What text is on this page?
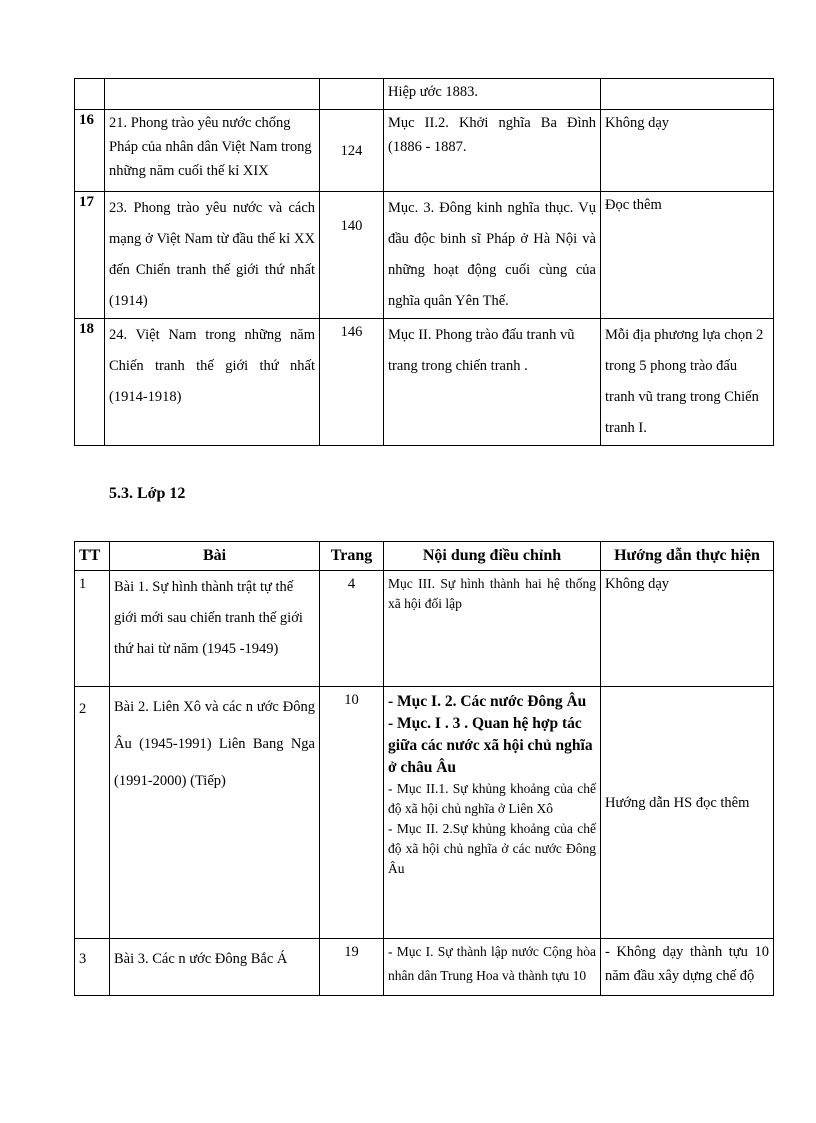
			Hiệp ước 1883.	
16	21. Phong trào yêu nước chống Pháp của nhân dân Việt Nam trong những năm cuối thế kỉ XIX	124	Mục II.2. Khởi nghĩa Ba Đình (1886 - 1887.	Không dạy
17	23. Phong trào yêu nước và cách mạng ở Việt Nam từ đầu thế kỉ XX đến Chiến tranh thế giới thứ nhất (1914)	140	Mục. 3. Đông kinh nghĩa thục. Vụ đầu độc binh sĩ Pháp ở Hà Nội và những hoạt động cuối cùng của nghĩa quân Yên Thế.	Đọc thêm
18	24. Việt Nam trong những năm Chiến tranh thế giới thứ nhất (1914-1918)	146	Mục II. Phong trào đấu tranh vũ trang trong chiến tranh .	Mỗi địa phương lựa chọn 2 trong 5 phong trào đấu tranh vũ trang trong Chiến tranh I.
5.3. Lớp 12
TT	Bài	Trang	Nội dung điều chỉnh	Hướng dẫn thực hiện
1	Bài 1. Sự hình thành trật tự thế giới mới sau chiến tranh thế giới thứ hai từ năm (1945 -1949)	4	Mục III. Sự hình thành hai hệ thống xã hội đối lập	Không dạy
2	Bài 2. Liên Xô và các n ước Đông Âu (1945-1991) Liên Bang Nga (1991-2000) (Tiếp)	10	- Mục I. 2. Các nước Đông Âu
- Mục. I . 3 . Quan hệ hợp tác giữa các nước xã hội chủ nghĩa ở châu Âu
- Mục II.1. Sự khủng khoảng của chế độ xã hội chủ nghĩa ở Liên Xô
- Mục II. 2.Sự khủng khoảng của chế độ xã hội chủ nghĩa ở các nước Đông Âu	Hướng dẫn HS đọc thêm
3	Bài 3. Các n ước Đông Bắc Á	19	- Mục I. Sự thành lập nước Cộng hòa nhân dân Trung Hoa và thành tựu 10	- Không dạy thành tựu 10 năm đầu xây dựng chế độ
